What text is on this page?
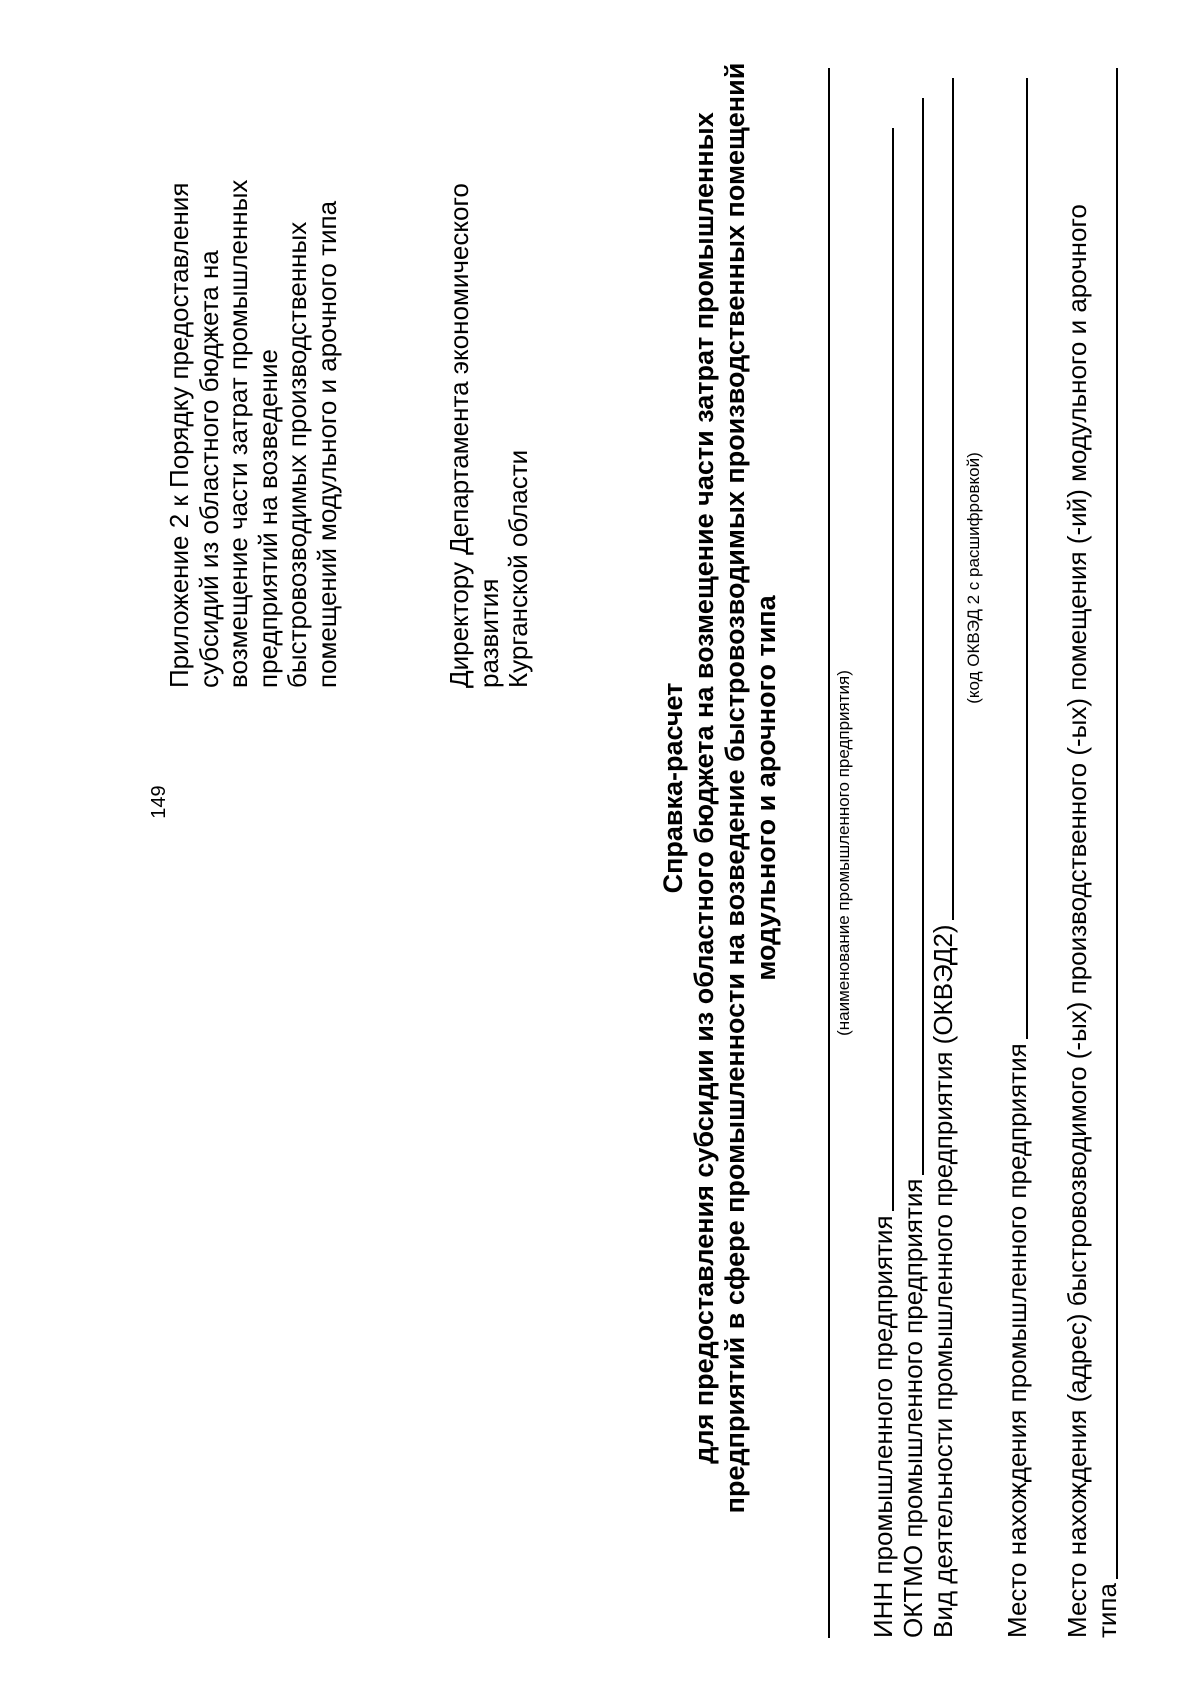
149
Приложение 2 к Порядку предоставления
субсидий из областного бюджета на
возмещение части затрат промышленных
предприятий на возведение
быстровозводимых производственных
помещений модульного и арочного типа
Директору Департамента экономического
развития
Курганской области
Справка-расчет для предоставления субсидии из областного бюджета на возмещение части затрат промышленных предприятий в сфере промышленности на возведение быстровозводимых производственных помещений модульного и арочного типа	(наименование промышленного предприятия)
ИНН промышленного предприятия ОКТМО промышленного предприятия Вид деятельности промышленного предприятия (ОКВЭД2)
(код ОКВЭД 2 с расшифровкой)
Место нахождения промышленного предприятия Место нахождения (адрес) быстровозводимого (-ых) производственного (-ых) помещения (-ий) модульного и арочного типа
